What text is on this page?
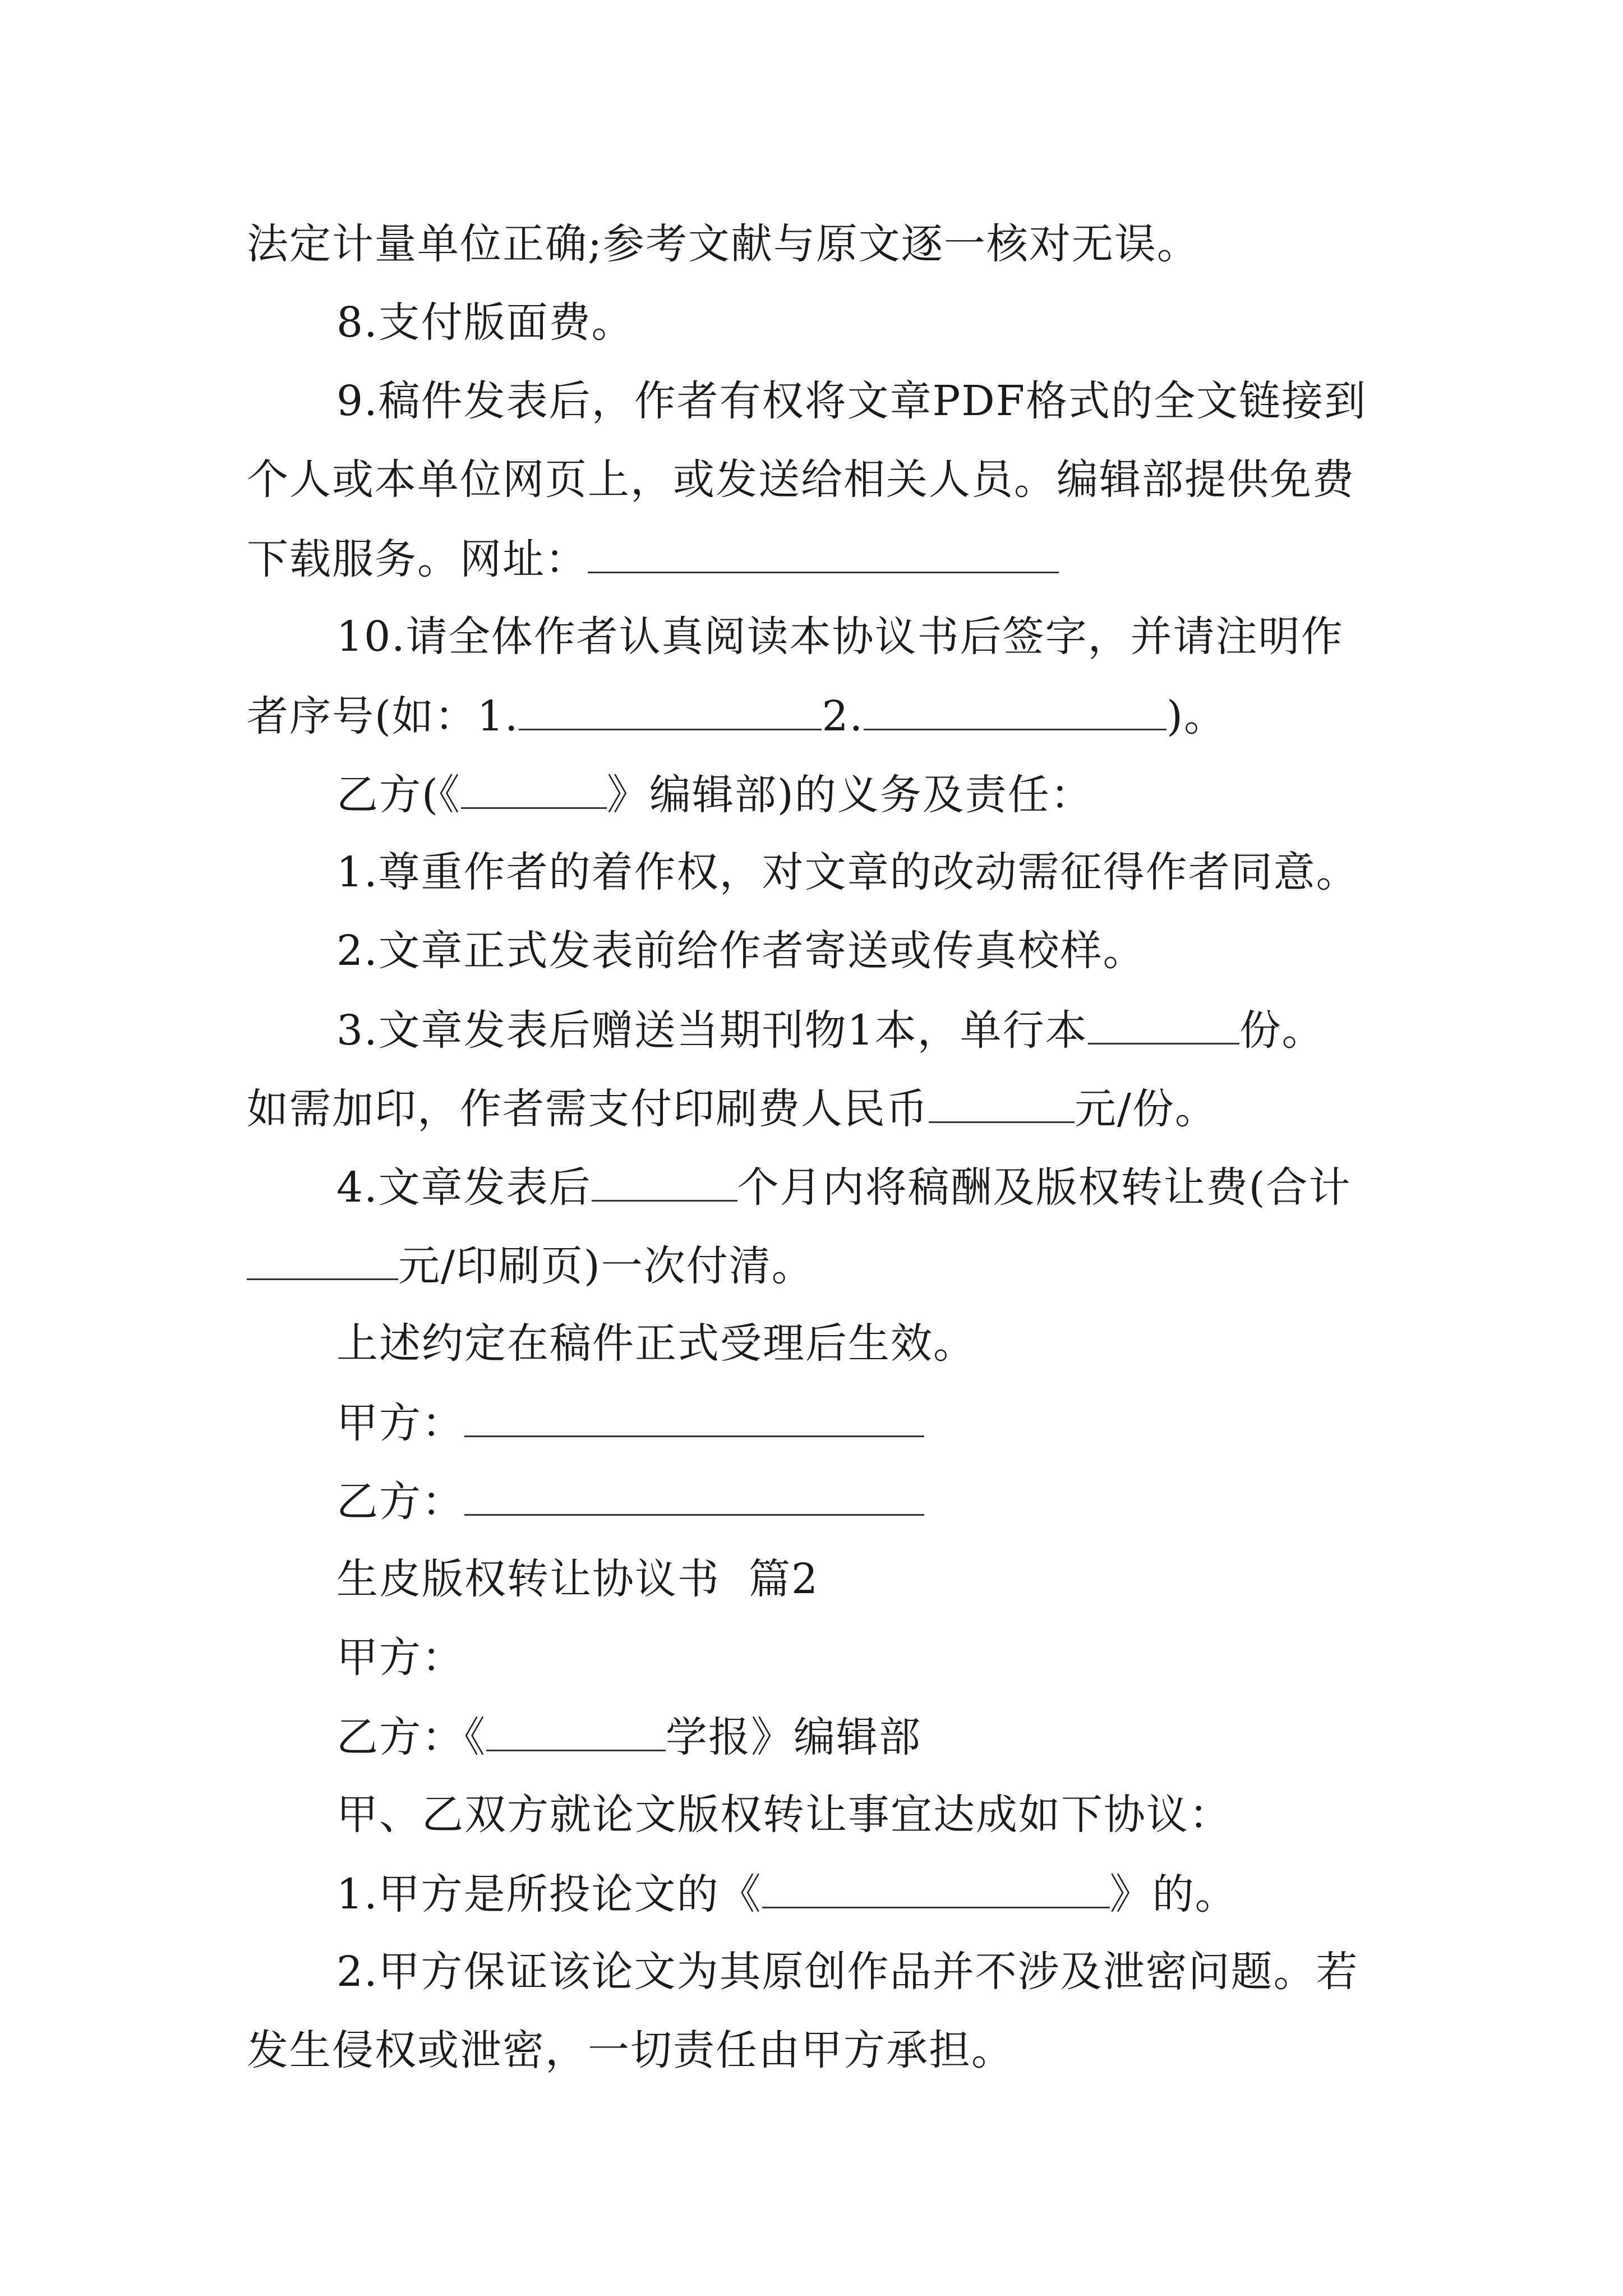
法定计量单位正确;参考文献与原文逐一核对无误。
8.支付版面费。
9.稿件发表后，作者有权将文章PDF格式的全文链接到
个人或本单位网页上，或发送给相关人员。编辑部提供免费
下载服务。网址：
10.请全体作者认真阅读本协议书后签字，并请注明作
者序号(如：1.	2.	)。
乙方(《	》编辑部)的义务及责任：
1.尊重作者的着作权，对文章的改动需征得作者同意。
2.文章正式发表前给作者寄送或传真校样。
3.文章发表后赠送当期刊物1本，单行本	份。
如需加印，作者需支付印刷费人民币	元/份。
4.文章发表后	个月内将稿酬及版权转让费(合计
元/印刷页)一次付清。
上述约定在稿件正式受理后生效。
甲方：
乙方：
生皮版权转让协议书  篇2
甲方：
乙方：《	学报》编辑部
甲、乙双方就论文版权转让事宜达成如下协议：
1.甲方是所投论文的《	》的。
2.甲方保证该论文为其原创作品并不涉及泄密问题。若
发生侵权或泄密，一切责任由甲方承担。
